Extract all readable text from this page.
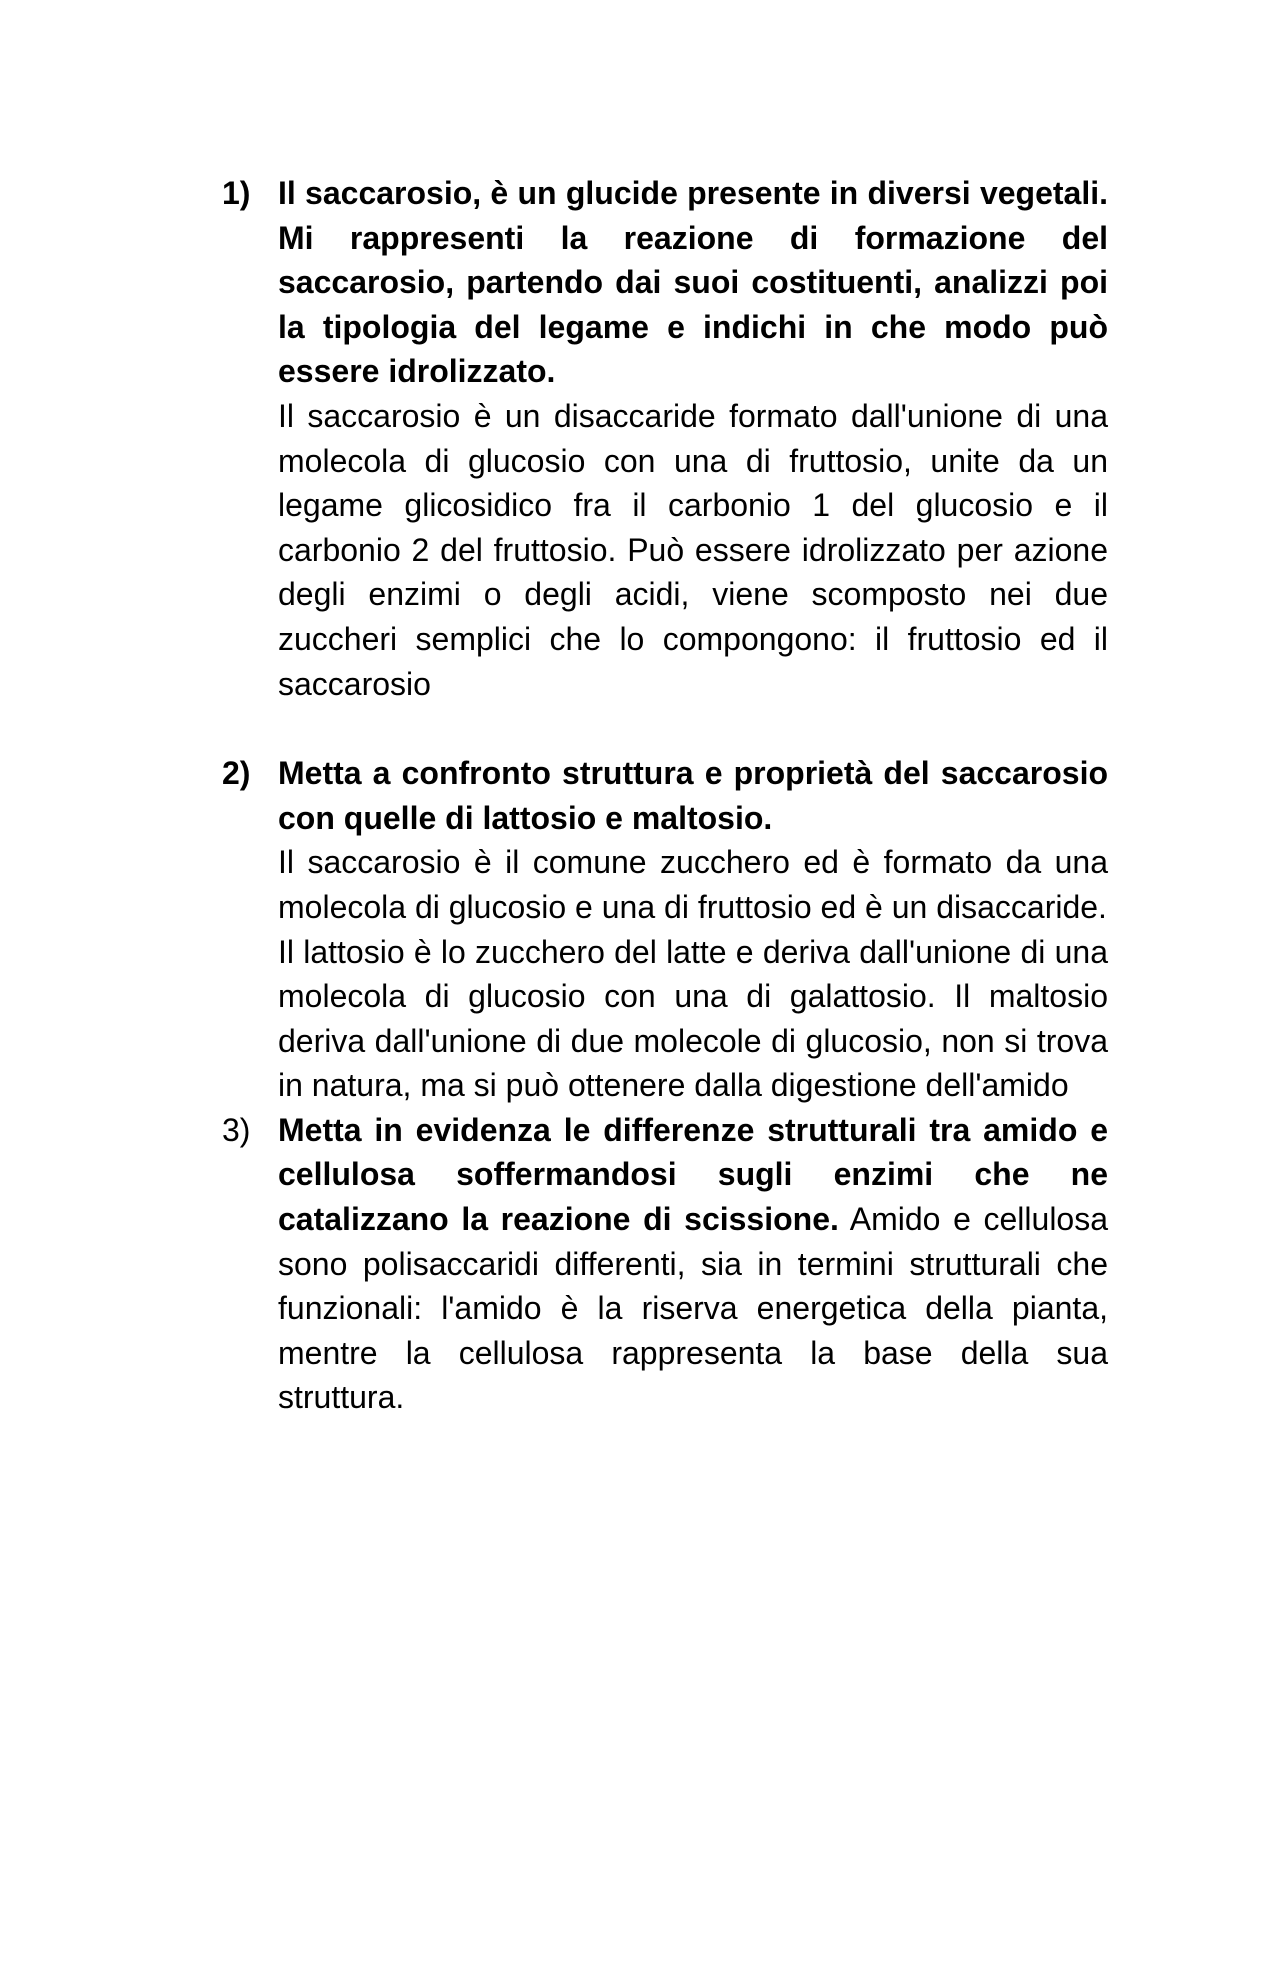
1) Il saccarosio, è un glucide presente in diversi vegetali. Mi rappresenti la reazione di formazione del saccarosio, partendo dai suoi costituenti, analizzi poi la tipologia del legame e indichi in che modo può essere idrolizzato.

Il saccarosio è un disaccaride formato dall'unione di una molecola di glucosio con una di fruttosio, unite da un legame glicosidico fra il carbonio 1 del glucosio e il carbonio 2 del fruttosio. Può essere idrolizzato per azione degli enzimi o degli acidi, viene scomposto nei due zuccheri semplici che lo compongono: il fruttosio ed il saccarosio

2) Metta a confronto struttura e proprietà del saccarosio con quelle di lattosio e maltosio.

Il saccarosio è il comune zucchero ed è formato da una molecola di glucosio e una di fruttosio ed è un disaccaride.

Il lattosio è lo zucchero del latte e deriva dall'unione di una molecola di glucosio con una di galattosio. Il maltosio deriva dall'unione di due molecole di glucosio, non si trova in natura, ma si può ottenere dalla digestione dell'amido

3) Metta in evidenza le differenze strutturali tra amido e cellulosa soffermandosi sugli enzimi che ne catalizzano la reazione di scissione. Amido e cellulosa sono polisaccaridi differenti, sia in termini strutturali che funzionali: l'amido è la riserva energetica della pianta, mentre la cellulosa rappresenta la base della sua struttura.
